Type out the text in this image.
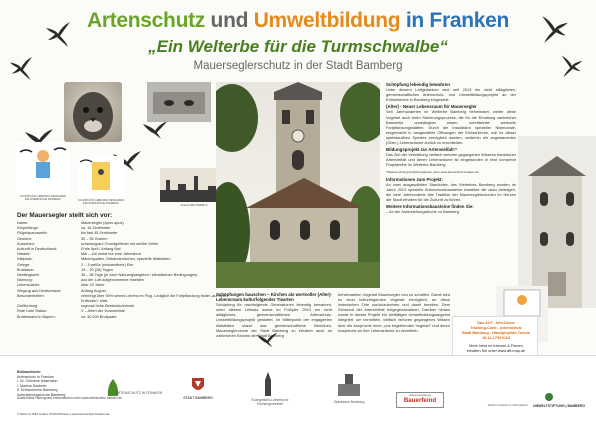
Artenschutz und Umweltbildung in Franken
„Ein Welterbe für die Turmschwalbe“
Mauerseglerschutz in der Stadt Bamberg
SCHÖPFUNG LEBENDIG BEWAHREN ERLÖSERKIRCHE BAMBERG	SCHÖPFUNG LEBENDIG BEWAHREN ERLÖSERKIRCHE BAMBERG	Aktuell WELTERBE-Z
Der Mauersegler stellt sich vor:
Name:	Mauersegler (Apus apus)
Körperlänge:	ca. 16 Zentimeter
Flügelspannweite:	bis fast 45 Zentimeter
Gewicht:	30 – 55 Gramm
Aussehen:	schwarzgrau/ Grundgefieder mit weißer Kehle
Ankunft in Deutschland:	Ende April / Anfang Mai
Nistzeit:	Mai – Juli meist nur eine Jahresbrut
Nistplatz:	Mauerspalten, Gebäudenischen, spezielle Nistkästen
Gelege:	2 – 3 weiße (einwandfreie) Eier
Brutdauer:	19 – 20 (26) Tagen
Nestlingszeit:	35 – 56 Tage (je nach Nahrungsangebot / klimatischen Bedingungen)
Nahrung:	aus der Luft aufgenommene Insekten
Lebensdauer:	über 20 Jahre
Wegzug aus Deutschland:	Anfang August
Besonderheiten:	verbringt über 90% seines Lebens im Flug. Lediglich die Fortpflanzung findet „auf dem Erdboden“ statt.
Gefährdung:	regional hohe Bestandsverluste
Rote Liste Status:	V – Arten der Vorwarnliste
Brutbestand in Bayern:	ca. 40.000 Brutpaare
Schöpfungen bauschen – Kirchen als wertvoller (Alter)- Lebensraum kulturfolgender Tiearten

Schöpfung für nachfolgende Generationen lebendig bewahren, unter diesem Leitsatz wurde im Frühjahr 2013 ein nicht alltägliches, gemeinschaftliches Artenschutz-Umweltbildungsprojekt gestartet. Im Mittelpunkt der engagierten Aktivitäten stand das gemeinschaftliche Bemühen, Mauerseglerolonie der Stadt Bamberg zu erhalten auch an zahlreichen Kirchen der Stadt Bamberg

beheimateten Vogelart Mauersegler neu zu schaffen. Damit wird es einer kulturfolgenden Vogelart ermöglicht, an diese historischen Orte zurückzukehren und damit bereiten. Dem Schwund der Artenvielfalt entgegenzuwirken. Darüber hinaus wurde in dieses Projekt ein vielfältiges Umweltbildungsangebot integriert, um vermitteln, vielfach verloren gegangenes Wissen über die Ansprüche einer „uns begleitenden Vogelart“ und deren Ansprüche an ihre Lebensräume zu vermitteln.

Schöpfung lebendig bewahren

Unter diesem Leitgedanken wird seit 2013 ein nicht alltägliches, gemeinschaftliches Artenschutz- und Umweltbildungsprojekt an der Erlöserkirche in Bamberg eingesetzt.

(Alter) - Neuer Lebensraum für Mauersegler

Seit Jahrhunderten im Welterbe Bamberg beheimatet, weiter diese Vogelart auch beim Sanierungsprozess, die für die Erhaltung zahlreicher Bauwerke unabdingbar waren, schrittweise wertvolle Fortpflanzungsstätten. Durch die Installation spezieller Nistmodule, eingebracht in ausgewählte Öffnungen der Erlöserkirche, soll es dieser spektakulären Spezies ermöglicht werden, weiterhin ein angestammtes (Ober-) Lebensräume zurück zu erschließen.

Bildungsprojekt zur Artenvielfalt:*

Das Ziel der Vermittlung vielfach verloren gegangenen Wissens frankischer Artenvielfalt und deren Lebensräume ist eingebunden in eine komplexe Projektreihe im Welterbe Bamberg.

*Weitere Hintergrundinformationen unter www.artenschutz-franken.de

Informationen zum Projekt:

An zwei ausgewählten Standorten des Welterbes Bamberg wurden im Jahre 2013 spezielle Artenschutzbausteine installiert die dazu beitragen, die viele Jahrhunderte alte Tradition der Mauerseglerkolonien im Herzen der Stadt erhalten für die Zukunft zu fuhren.

Weitere Informationsbausteine finden Sie:

– An der Auferstehungskirche zu Bamberg

Das ALF - Info-Dome
Tracking-Code - Artenschutz
Stadt Bamberg - Handprojekte-Termin
16.12.1733 KA3
Mehr Infos im Internet & Firmen
erhalten Sie unter www.aff-map.de
Bildnachweis:
Artenschutz in Franken
I. Dr. Christine Haarmann
I. Markus Daubner
II. Erlöserkirche Bamberg
Auferstehungskirche Bamberg
© Motiv im Wild GmbH, STOCKPhoto(+) www.artenschutz-franken.de
Ausführliche Hintergrund-Informationen unter www.artenschutz-franken.de
ARTENSCHUTZ IN FRANKEN
STADT BAMBERG	Evangelisch-Lutherische Kirchengemeinde	Sparkasse Bamberg
Steuerverwaltung
Bauerfeind
Weitere Hinweise zu Informationen	UMWELTSTIFTUNG | BAMBERG
